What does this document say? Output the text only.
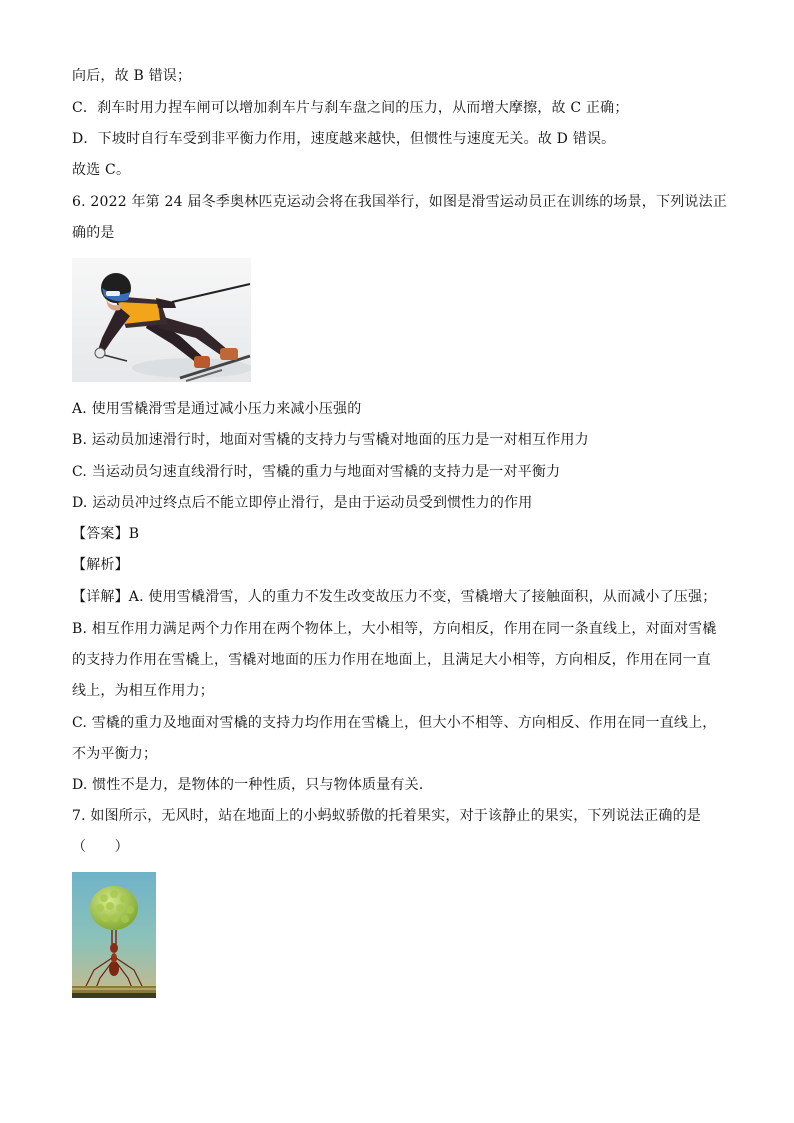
向后，故 B 错误；
C．刹车时用力捏车闸可以增加刹车片与刹车盘之间的压力，从而增大摩擦，故 C 正确；
D．下坡时自行车受到非平衡力作用，速度越来越快，但惯性与速度无关。故 D 错误。
故选 C。
6. 2022 年第 24 届冬季奥林匹克运动会将在我国举行，如图是滑雪运动员正在训练的场景，下列说法正
确的是
A. 使用雪橇滑雪是通过减小压力来减小压强的
B. 运动员加速滑行时，地面对雪橇的支持力与雪橇对地面的压力是一对相互作用力
C. 当运动员匀速直线滑行时，雪橇的重力与地面对雪橇的支持力是一对平衡力
D. 运动员冲过终点后不能立即停止滑行，是由于运动员受到惯性力的作用
【答案】B
【解析】
【详解】A. 使用雪橇滑雪，人的重力不发生改变故压力不变，雪橇增大了接触面积，从而减小了压强；
B. 相互作用力满足两个力作用在两个物体上，大小相等，方向相反，作用在同一条直线上，对面对雪橇
的支持力作用在雪橇上，雪橇对地面的压力作用在地面上，且满足大小相等，方向相反，作用在同一直
线上，为相互作用力；
C. 雪橇的重力及地面对雪橇的支持力均作用在雪橇上，但大小不相等、方向相反、作用在同一直线上，
不为平衡力；
D. 惯性不是力，是物体的一种性质，只与物体质量有关．
7. 如图所示，无风时，站在地面上的小蚂蚁骄傲的托着果实，对于该静止的果实，下列说法正确的是
（　　）
